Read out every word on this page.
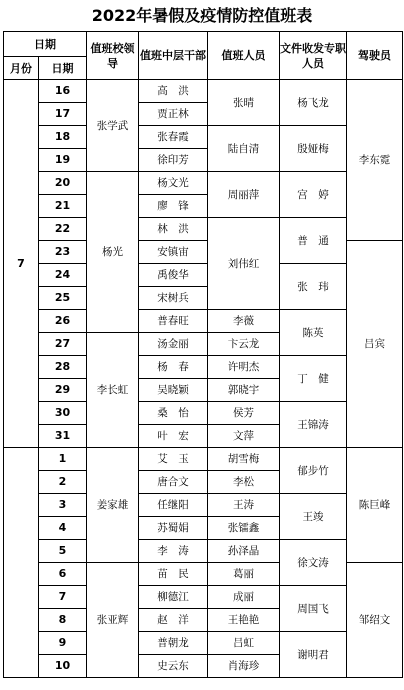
2022年暑假及疫情防控值班表
日期		值班校领导	值班中层干部	值班人员	文件收发专职人员	驾驶员
月份	日期					
7	16	张学武	高　洪	张晴	杨飞龙	李东霓
	17		贾正林			
	18		张春霞	陆自清	殷娅梅	
	19		徐印芳			
	20	杨光	杨文光	周丽萍	宫　婷	
	21		廖　锋			
	22		林　洪	刘伟红	普　通	
	23		安镇宙			吕宾
	24		禹俊华		张　玮	
	25		宋树兵			
	26		普春旺	李薇	陈英	
	27	李长虹	汤金丽	卞云龙		
	28		杨　春	许明杰	丁　健	
	29		吴晓颖	郭晓宇		
	30		桑　怡	侯芳	王锦涛	
	31		叶　宏	文萍		
	1	姜家雄	艾　玉	胡雪梅	郁步竹	陈巨峰
	2		唐合文	李松		
	3		任继阳	王涛	王竣	
	4		苏蜀娟	张镭鑫		
	5		李　涛	孙泽晶	徐文涛	
	6	张亚辉	苗　民	葛丽		邹绍文
	7		柳德江	成丽	周国飞	
	8		赵　洋	王艳艳		
	9		普朝龙	吕虹	谢明君	
	10		史云东	肖海珍		
